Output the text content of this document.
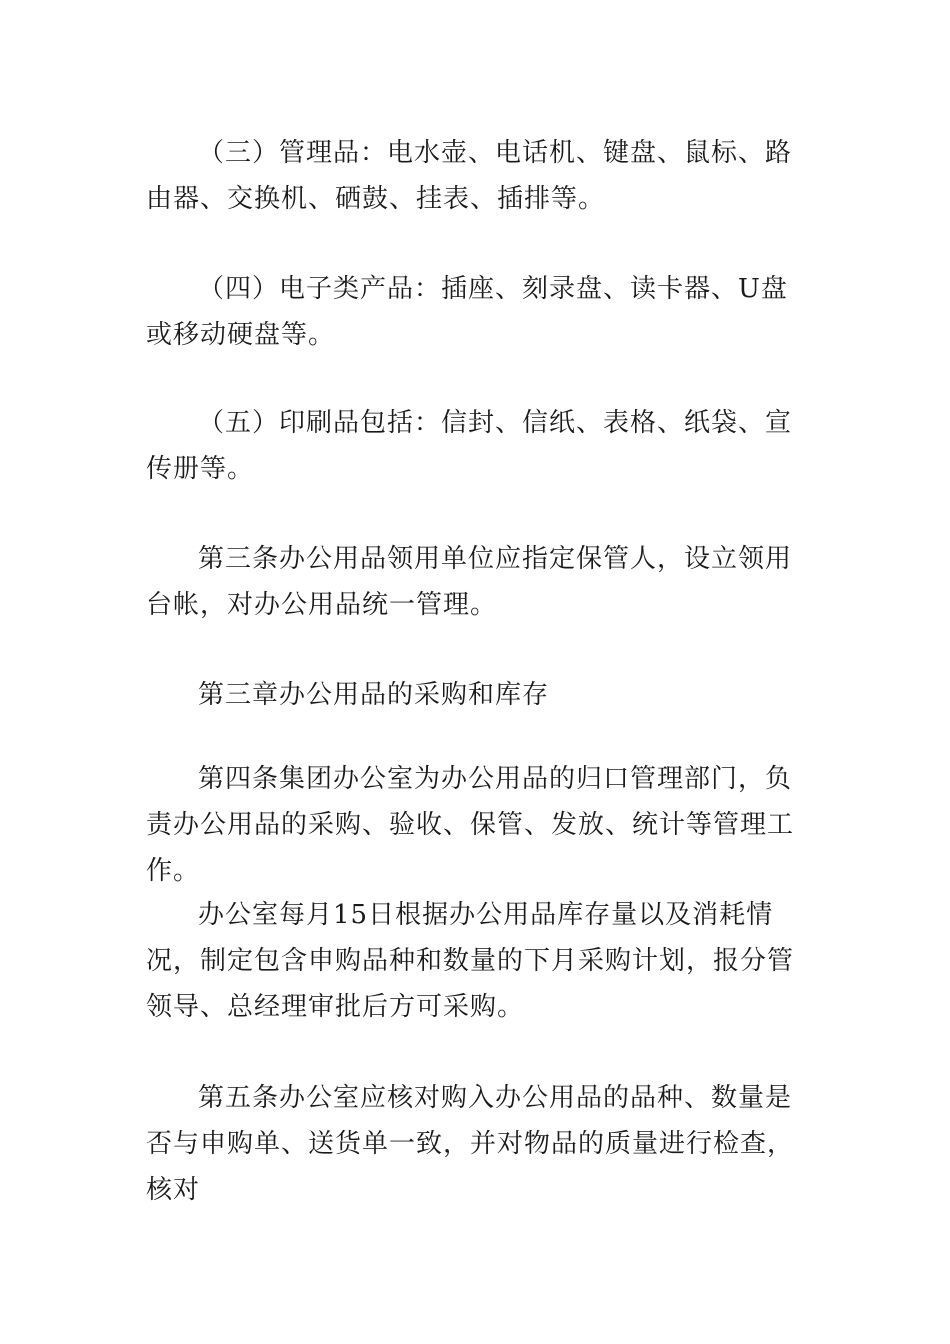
（三）管理品：电水壶、电话机、键盘、鼠标、路由器、交换机、硒鼓、挂表、插排等。

（四）电子类产品：插座、刻录盘、读卡器、U盘或移动硬盘等。

（五）印刷品包括：信封、信纸、表格、纸袋、宣传册等。

第三条办公用品领用单位应指定保管人，设立领用台帐，对办公用品统一管理。

第三章办公用品的采购和库存

第四条集团办公室为办公用品的归口管理部门，负责办公用品的采购、验收、保管、发放、统计等管理工作。

办公室每月15日根据办公用品库存量以及消耗情况，制定包含申购品种和数量的下月采购计划，报分管领导、总经理审批后方可采购。

第五条办公室应核对购入办公用品的品种、数量是否与申购单、送货单一致，并对物品的质量进行检查，核对
